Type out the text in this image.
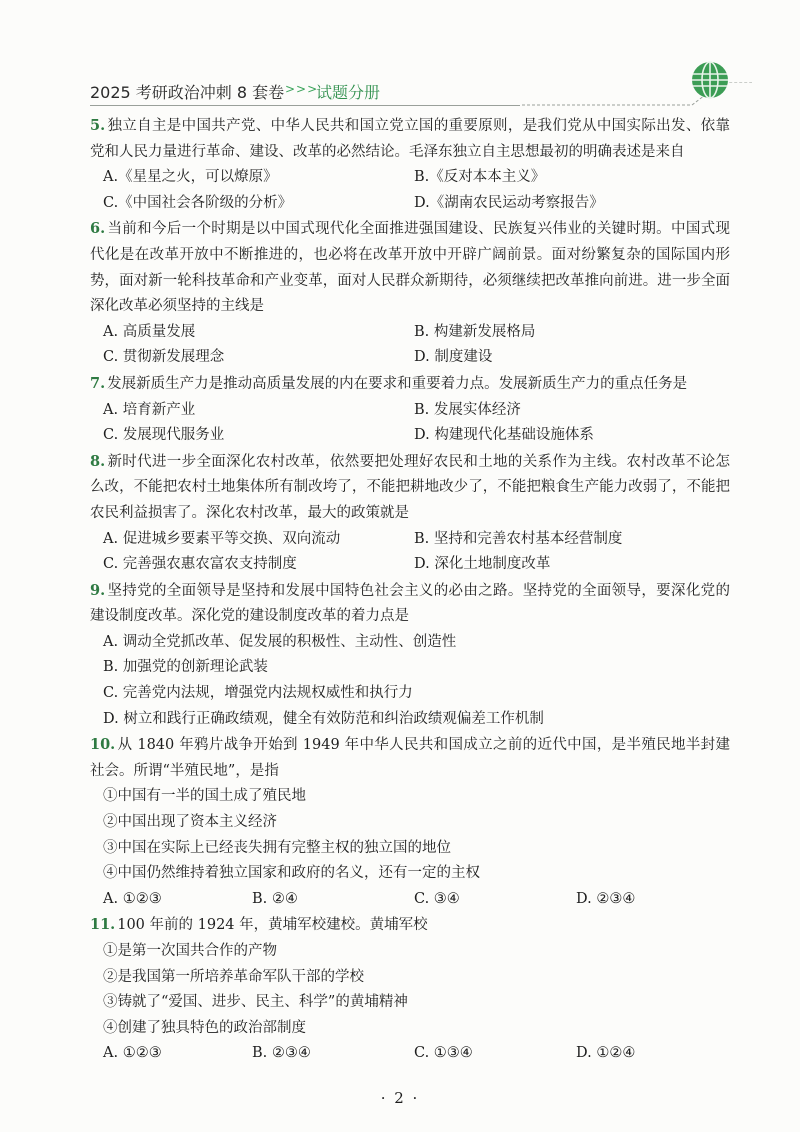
2025 考研政治冲刺 8 套卷 >>>
试题分册

5. 独立自主是中国共产党、中华人民共和国立党立国的重要原则，是我们党从中国实际出发、依靠党和人民力量进行革命、建设、改革的必然结论。毛泽东独立自主思想最初的明确表述是来自

A.《星星之火，可以燎原》	B.《反对本本主义》
C.《中国社会各阶级的分析》	D.《湖南农民运动考察报告》

6. 当前和今后一个时期是以中国式现代化全面推进强国建设、民族复兴伟业的关键时期。中国式现代化是在改革开放中不断推进的，也必将在改革开放中开辟广阔前景。面对纷繁复杂的国际国内形势，面对新一轮科技革命和产业变革，面对人民群众新期待，必须继续把改革推向前进。进一步全面深化改革必须坚持的主线是

A. 高质量发展	B. 构建新发展格局
C. 贯彻新发展理念	D. 制度建设

7. 发展新质生产力是推动高质量发展的内在要求和重要着力点。发展新质生产力的重点任务是

A. 培育新产业	B. 发展实体经济
C. 发展现代服务业	D. 构建现代化基础设施体系

8. 新时代进一步全面深化农村改革，依然要把处理好农民和土地的关系作为主线。农村改革不论怎么改，不能把农村土地集体所有制改垮了，不能把耕地改少了，不能把粮食生产能力改弱了，不能把农民利益损害了。深化农村改革，最大的政策就是

A. 促进城乡要素平等交换、双向流动	B. 坚持和完善农村基本经营制度
C. 完善强农惠农富农支持制度	D. 深化土地制度改革

9. 坚持党的全面领导是坚持和发展中国特色社会主义的必由之路。坚持党的全面领导，要深化党的建设制度改革。深化党的建设制度改革的着力点是

A. 调动全党抓改革、促发展的积极性、主动性、创造性
B. 加强党的创新理论武装
C. 完善党内法规，增强党内法规权威性和执行力
D. 树立和践行正确政绩观，健全有效防范和纠治政绩观偏差工作机制

10. 从 1840 年鸦片战争开始到 1949 年中华人民共和国成立之前的近代中国，是半殖民地半封建社会。所谓“半殖民地”，是指

①中国有一半的国土成了殖民地
②中国出现了资本主义经济
③中国在实际上已经丧失拥有完整主权的独立国的地位
④中国仍然维持着独立国家和政府的名义，还有一定的主权
A. ①②③	B. ②④	C. ③④	D. ②③④

11. 100 年前的 1924 年，黄埔军校建校。黄埔军校

①是第一次国共合作的产物
②是我国第一所培养革命军队干部的学校
③铸就了“爱国、进步、民主、科学”的黄埔精神
④创建了独具特色的政治部制度
A. ①②③	B. ②③④	C. ①③④	D. ①②④
· 2 ·
